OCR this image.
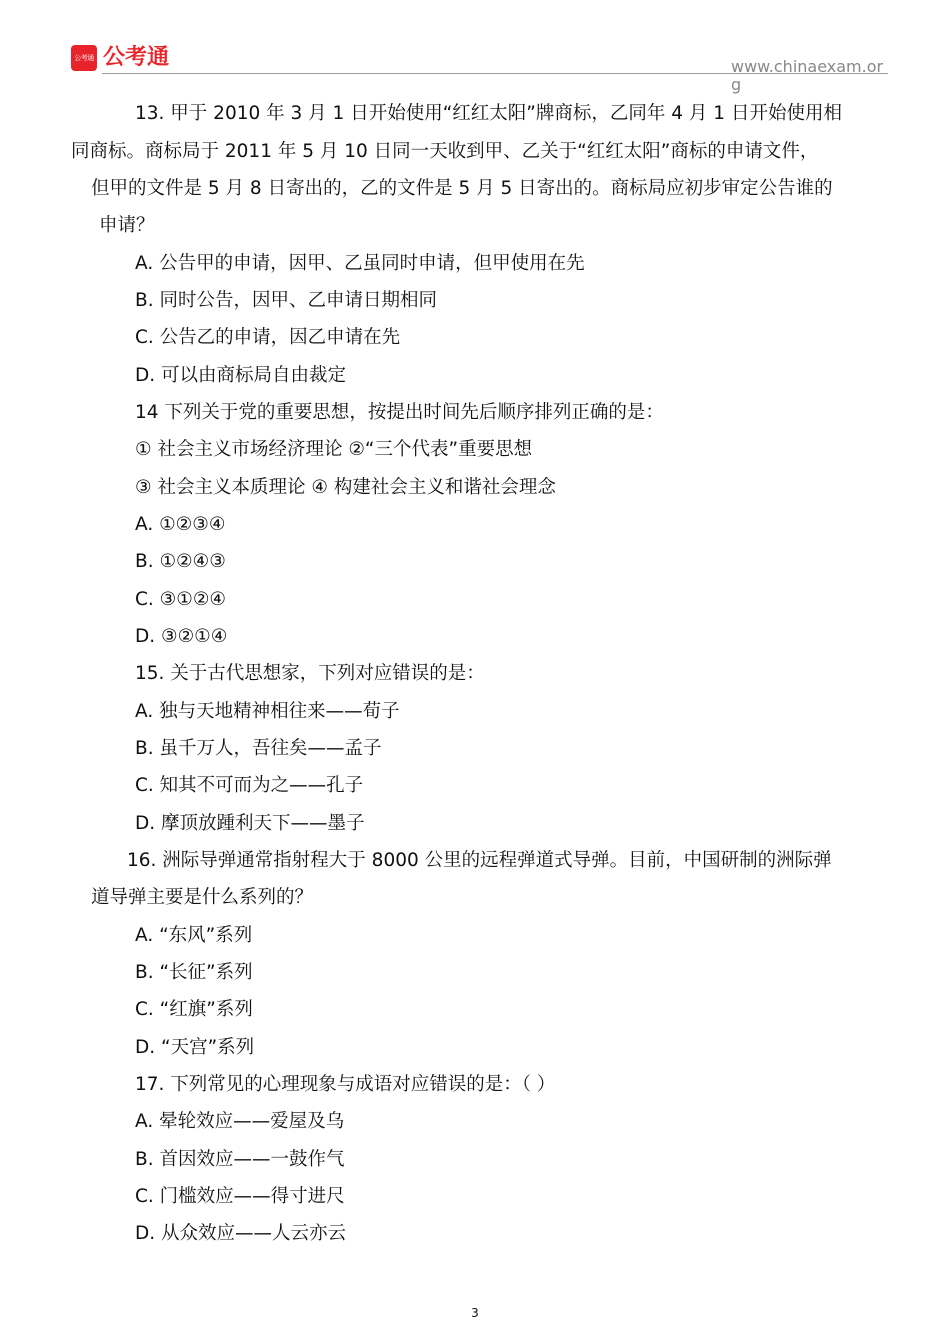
公考通 公考通	www.chinaexam.org
13. 甲于 2010 年 3 月 1 日开始使用“红红太阳”牌商标，乙同年 4 月 1 日开始使用相
同商标。商标局于 2011 年 5 月 10 日同一天收到甲、乙关于“红红太阳”商标的申请文件，
但甲的文件是 5 月 8 日寄出的，乙的文件是 5 月 5 日寄出的。商标局应初步审定公告谁的
申请？
A. 公告甲的申请，因甲、乙虽同时申请，但甲使用在先
B. 同时公告，因甲、乙申请日期相同
C. 公告乙的申请，因乙申请在先
D. 可以由商标局自由裁定
14 下列关于党的重要思想，按提出时间先后顺序排列正确的是：
① 社会主义市场经济理论 ②“三个代表”重要思想
③ 社会主义本质理论 ④ 构建社会主义和谐社会理念
A. ①②③④
B. ①②④③
C. ③①②④
D. ③②①④
15. 关于古代思想家，下列对应错误的是：
A. 独与天地精神相往来——荀子
B. 虽千万人，吾往矣——孟子
C. 知其不可而为之——孔子
D. 摩顶放踵利天下——墨子
16. 洲际导弹通常指射程大于 8000 公里的远程弹道式导弹。目前，中国研制的洲际弹
道导弹主要是什么系列的？
A. “东风”系列
B. “长征”系列
C. “红旗”系列
D. “天宫”系列
17. 下列常见的心理现象与成语对应错误的是：（ ）
A. 晕轮效应——爱屋及乌
B. 首因效应——一鼓作气
C. 门槛效应——得寸进尺
D. 从众效应——人云亦云
3
